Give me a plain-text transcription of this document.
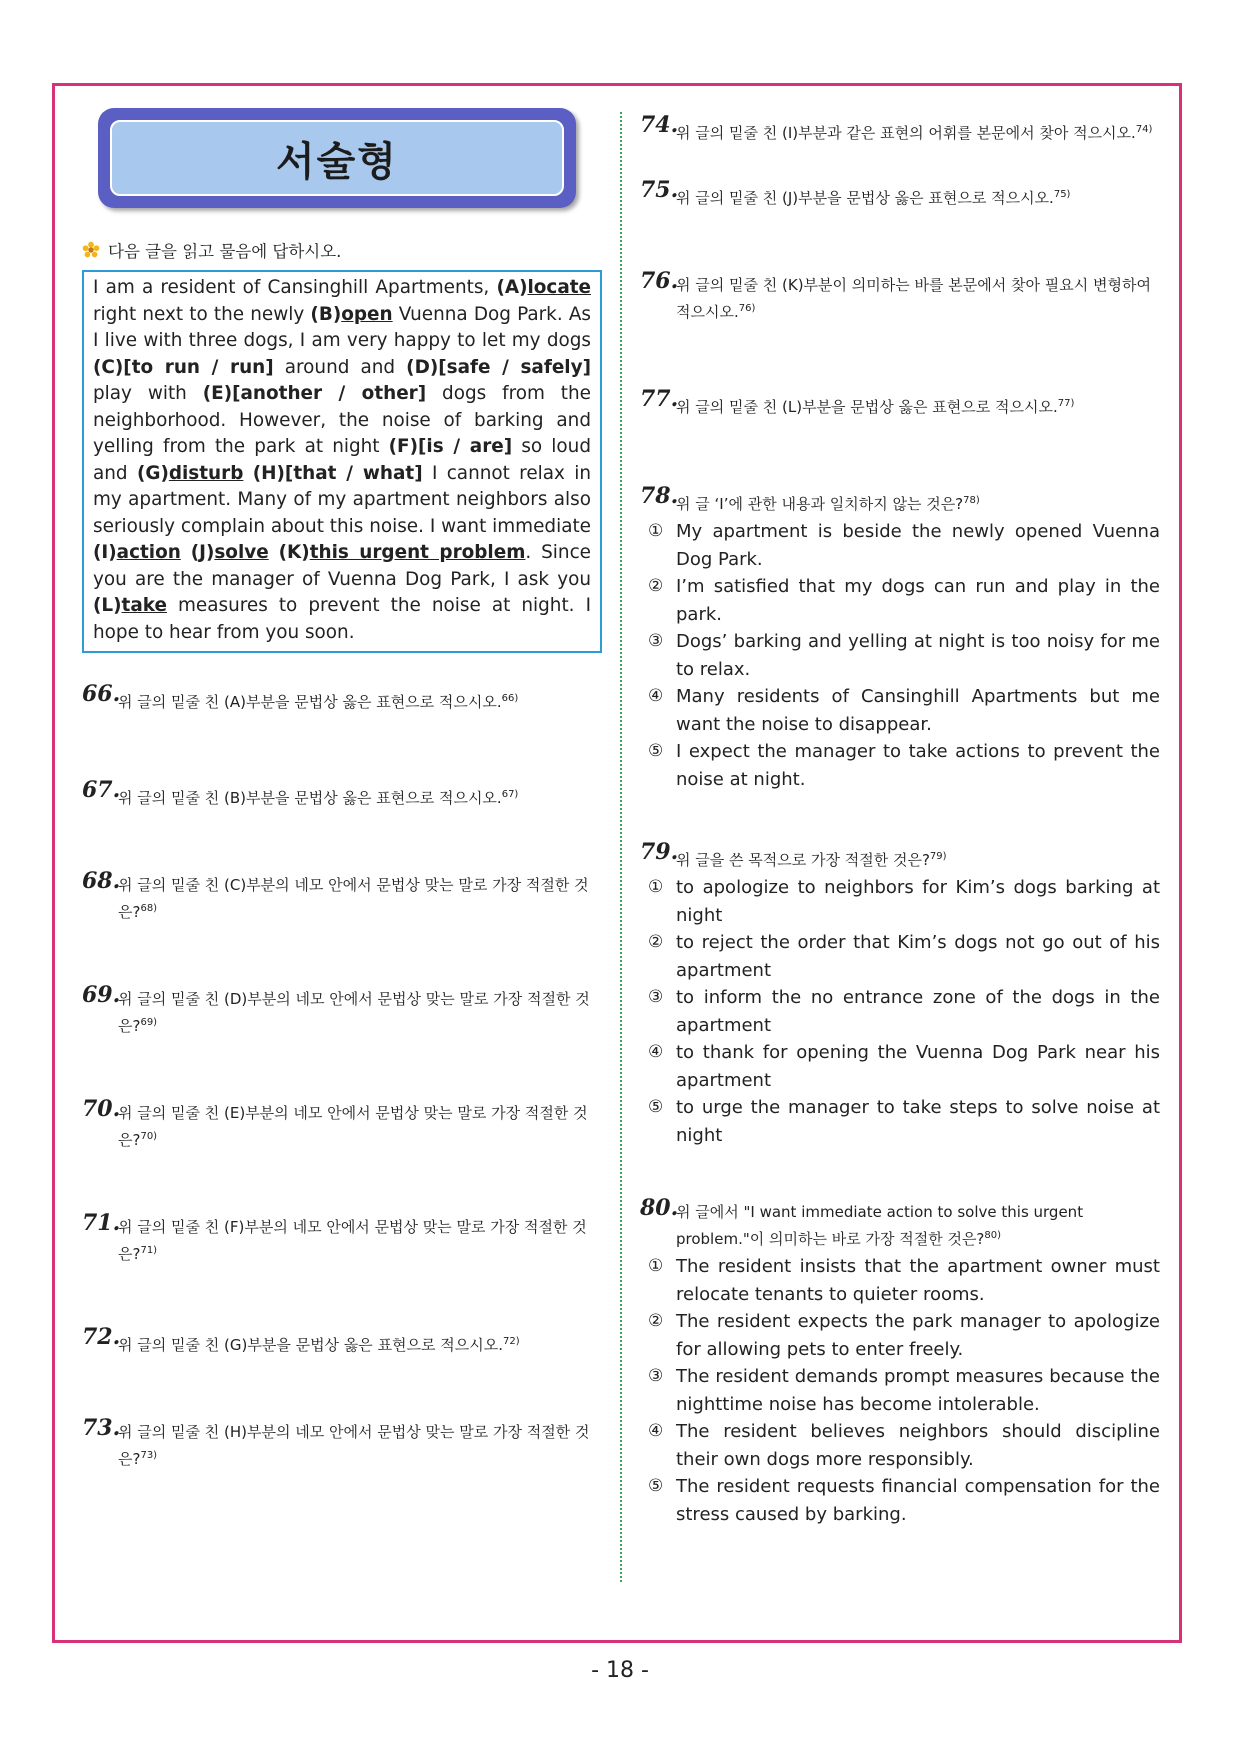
서술형
다음 글을 읽고 물음에 답하시오.
I am a resident of Cansinghill Apartments, (A)locate right next to the newly (B)open Vuenna Dog Park. As I live with three dogs, I am very happy to let my dogs (C)[to run / run] around and (D)[safe / safely] play with (E)[another / other] dogs from the neighborhood. However, the noise of barking and yelling from the park at night (F)[is / are] so loud and (G)disturb (H)[that / what] I cannot relax in my apartment. Many of my apartment neighbors also seriously complain about this noise. I want immediate (I)action (J)solve (K)this urgent problem. Since you are the manager of Vuenna Dog Park, I ask you (L)take measures to prevent the noise at night. I hope to hear from you soon.
66.
위 글의 밑줄 친 (A)부분을 문법상 옳은 표현으로 적으시오.$^{66)}$
67.
위 글의 밑줄 친 (B)부분을 문법상 옳은 표현으로 적으시오.$^{67)}$
68.
위 글의 밑줄 친 (C)부분의 네모 안에서 문법상 맞는 말로 가장 적절한 것은?$^{68)}$
69.
위 글의 밑줄 친 (D)부분의 네모 안에서 문법상 맞는 말로 가장 적절한 것은?$^{69)}$
70.
위 글의 밑줄 친 (E)부분의 네모 안에서 문법상 맞는 말로 가장 적절한 것은?$^{70)}$
71.
위 글의 밑줄 친 (F)부분의 네모 안에서 문법상 맞는 말로 가장 적절한 것은?$^{71)}$
72.
위 글의 밑줄 친 (G)부분을 문법상 옳은 표현으로 적으시오.$^{72)}$
73.
위 글의 밑줄 친 (H)부분의 네모 안에서 문법상 맞는 말로 가장 적절한 것은?$^{73)}$
74.
위 글의 밑줄 친 (I)부분과 같은 표현의 어휘를 본문에서 찾아 적으시오.$^{74)}$
75.
위 글의 밑줄 친 (J)부분을 문법상 옳은 표현으로 적으시오.$^{75)}$
76.
위 글의 밑줄 친 (K)부분이 의미하는 바를 본문에서 찾아 필요시 변형하여 적으시오.$^{76)}$
77.
위 글의 밑줄 친 (L)부분을 문법상 옳은 표현으로 적으시오.$^{77)}$
78.
위 글 ‘I’에 관한 내용과 일치하지 않는 것은?$^{78)}$
① My apartment is beside the newly opened Vuenna Dog Park.
② I’m satisfied that my dogs can run and play in the park.
③ Dogs’ barking and yelling at night is too noisy for me to relax.
④ Many residents of Cansinghill Apartments but me want the noise to disappear.
⑤ I expect the manager to take actions to prevent the noise at night.
79.
위 글을 쓴 목적으로 가장 적절한 것은?$^{79)}$
① to apologize to neighbors for Kim’s dogs barking at night
② to reject the order that Kim’s dogs not go out of his apartment
③ to inform the no entrance zone of the dogs in the apartment
④ to thank for opening the Vuenna Dog Park near his apartment
⑤ to urge the manager to take steps to solve noise at night
80.
위 글에서 "I want immediate action to solve this urgent problem."이 의미하는 바로 가장 적절한 것은?$^{80)}$
① The resident insists that the apartment owner must relocate tenants to quieter rooms.
② The resident expects the park manager to apologize for allowing pets to enter freely.
③ The resident demands prompt measures because the nighttime noise has become intolerable.
④ The resident believes neighbors should discipline their own dogs more responsibly.
⑤ The resident requests financial compensation for the stress caused by barking.
- 18 -
